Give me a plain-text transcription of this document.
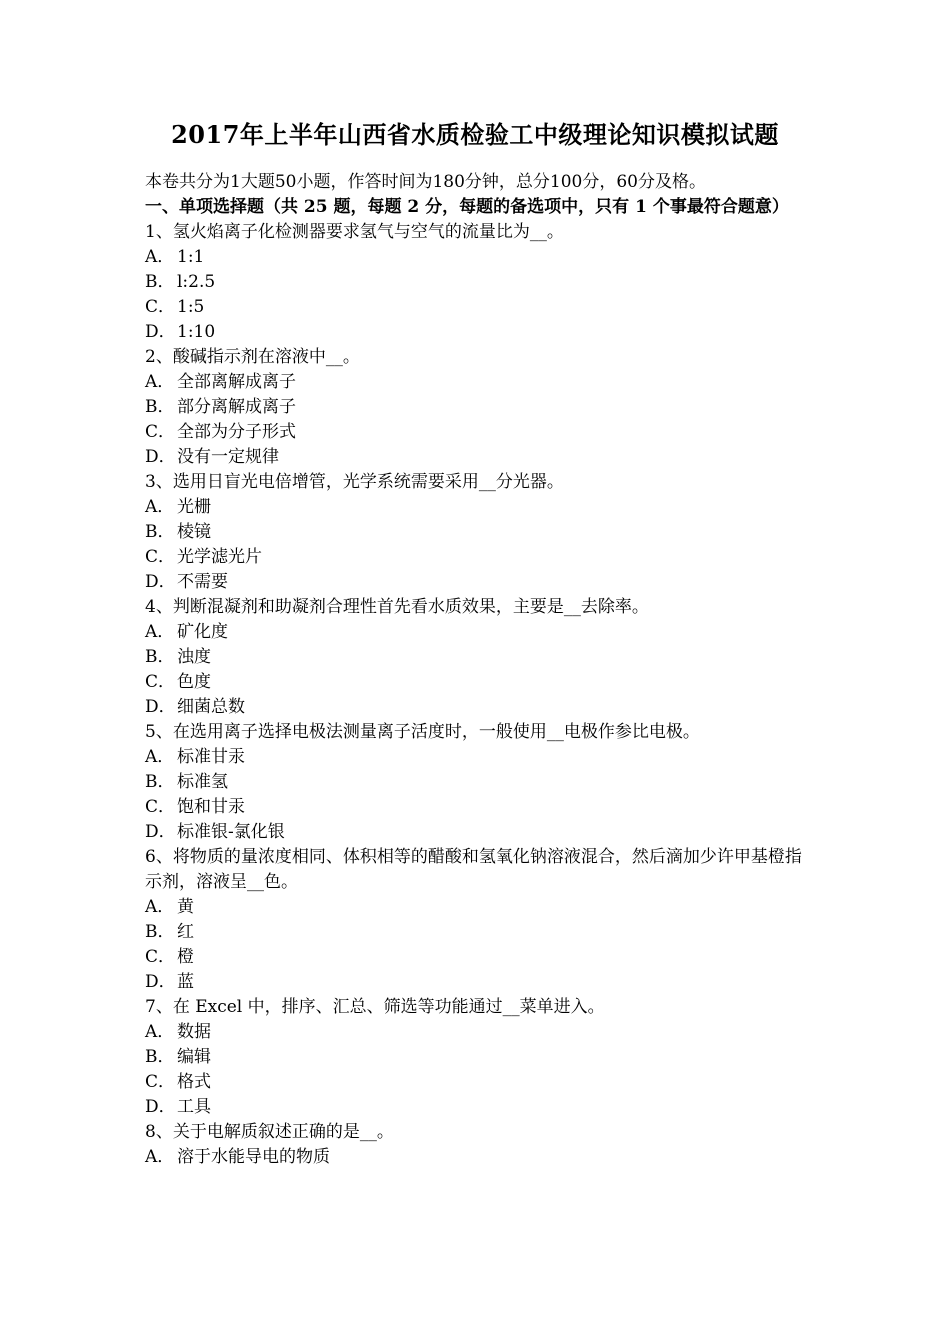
2017年上半年山西省水质检验工中级理论知识模拟试题
本卷共分为1大题50小题，作答时间为180分钟，总分100分，60分及格。
一、单项选择题（共 25 题，每题 2 分，每题的备选项中，只有 1 个事最符合题意）
1、氢火焰离子化检测器要求氢气与空气的流量比为__。
A． 1:1
B． l:2.5
C． 1:5
D．1:10
2、酸碱指示剂在溶液中__。
A． 全部离解成离子
B． 部分离解成离子
C． 全部为分子形式
D．没有一定规律
3、选用日盲光电倍增管，光学系统需要采用__分光器。
A． 光栅
B． 棱镜
C． 光学滤光片
D．不需要
4、判断混凝剂和助凝剂合理性首先看水质效果，主要是__去除率。
A． 矿化度
B． 浊度
C． 色度
D．细菌总数
5、在选用离子选择电极法测量离子活度时，一般使用__电极作参比电极。
A． 标准甘汞
B． 标准氢
C． 饱和甘汞
D．标准银-氯化银
6、将物质的量浓度相同、体积相等的醋酸和氢氧化钠溶液混合，然后滴加少许甲基橙指示剂，溶液呈__色。
A． 黄
B． 红
C． 橙
D．蓝
7、在 Excel 中，排序、汇总、筛选等功能通过__菜单进入。
A． 数据
B． 编辑
C． 格式
D．工具
8、关于电解质叙述正确的是__。
A． 溶于水能导电的物质
